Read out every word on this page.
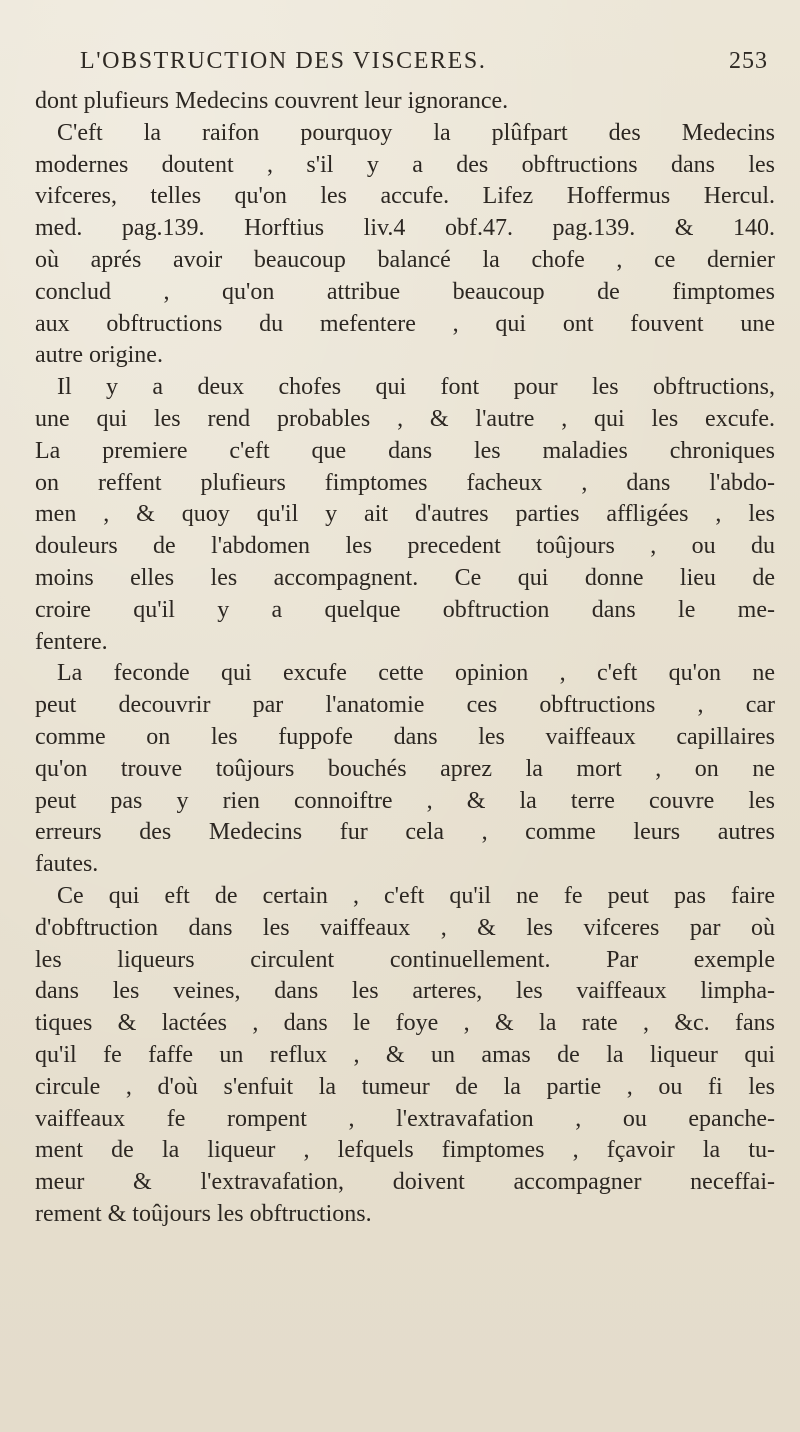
L'OBSTRUCTION DES VISCERES.	253
dont plufieurs Medecins couvrent leur ignorance.
C'eft la raifon pourquoy la plûfpart des Medecins
modernes doutent , s'il y a des obftructions dans les
vifceres, telles qu'on les accufe. Lifez Hoffermus Hercul.
med. pag.139. Horftius liv.4 obf.47. pag.139. & 140.
où aprés avoir beaucoup balancé la chofe , ce dernier
conclud , qu'on attribue beaucoup de fimptomes
aux obftructions du mefentere , qui ont fouvent une
autre origine.
Il y a deux chofes qui font pour les obftructions,
une qui les rend probables , & l'autre , qui les excufe.
La premiere c'eft que dans les maladies chroniques
on reffent plufieurs fimptomes facheux , dans l'abdo-
men , & quoy qu'il y ait d'autres parties affligées , les
douleurs de l'abdomen les precedent toûjours , ou du
moins elles les accompagnent. Ce qui donne lieu de
croire qu'il y a quelque obftruction dans le me-
fentere.
La feconde qui excufe cette opinion , c'eft qu'on ne
peut decouvrir par l'anatomie ces obftructions , car
comme on les fuppofe dans les vaiffeaux capillaires
qu'on trouve toûjours bouchés aprez la mort , on ne
peut pas y rien connoiftre , & la terre couvre les
erreurs des Medecins fur cela , comme leurs autres
fautes.
Ce qui eft de certain , c'eft qu'il ne fe peut pas faire
d'obftruction dans les vaiffeaux , & les vifceres par où
les liqueurs circulent continuellement. Par exemple
dans les veines, dans les arteres, les vaiffeaux limpha-
tiques & lactées , dans le foye , & la rate , &c. fans
qu'il fe faffe un reflux , & un amas de la liqueur qui
circule , d'où s'enfuit la tumeur de la partie , ou fi les
vaiffeaux fe rompent , l'extravafation , ou epanche-
ment de la liqueur , lefquels fimptomes , fçavoir la tu-
meur & l'extravafation, doivent accompagner neceffai-
rement & toûjours les obftructions.
